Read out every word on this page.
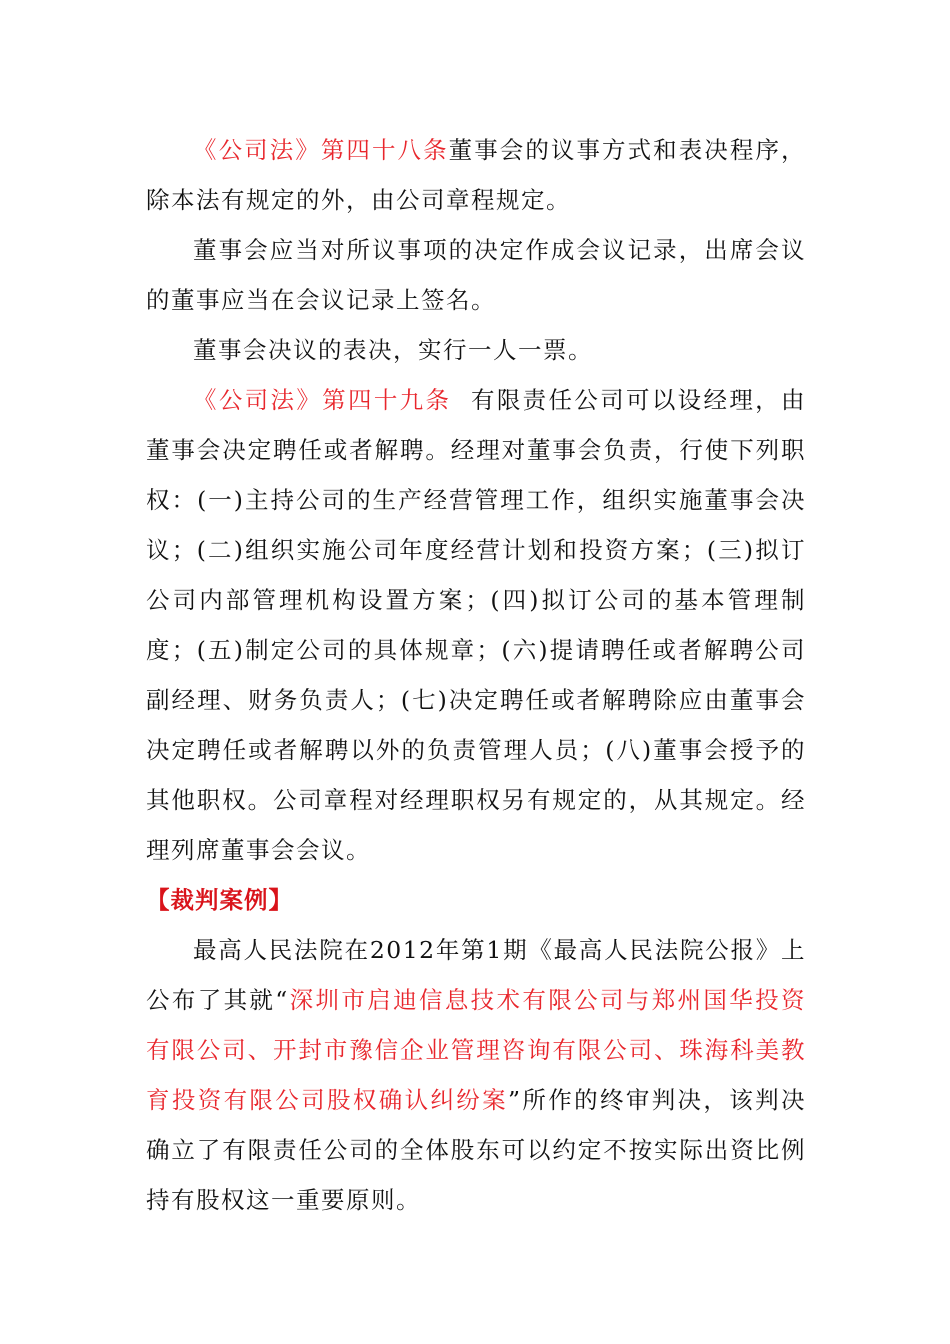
《公司法》第四十八条董事会的议事方式和表决程序，除本法有规定的外，由公司章程规定。

董事会应当对所议事项的决定作成会议记录，出席会议的董事应当在会议记录上签名。

董事会决议的表决，实行一人一票。

《公司法》第四十九条 有限责任公司可以设经理，由董事会决定聘任或者解聘。经理对董事会负责，行使下列职权：(一)主持公司的生产经营管理工作，组织实施董事会决议；(二)组织实施公司年度经营计划和投资方案；(三)拟订公司内部管理机构设置方案；(四)拟订公司的基本管理制度；(五)制定公司的具体规章；(六)提请聘任或者解聘公司副经理、财务负责人；(七)决定聘任或者解聘除应由董事会决定聘任或者解聘以外的负责管理人员；(八)董事会授予的其他职权。公司章程对经理职权另有规定的，从其规定。经理列席董事会会议。

【裁判案例】

最高人民法院在2012年第1期《最高人民法院公报》上公布了其就“深圳市启迪信息技术有限公司与郑州国华投资有限公司、开封市豫信企业管理咨询有限公司、珠海科美教育投资有限公司股权确认纠纷案”所作的终审判决，该判决确立了有限责任公司的全体股东可以约定不按实际出资比例持有股权这一重要原则。
